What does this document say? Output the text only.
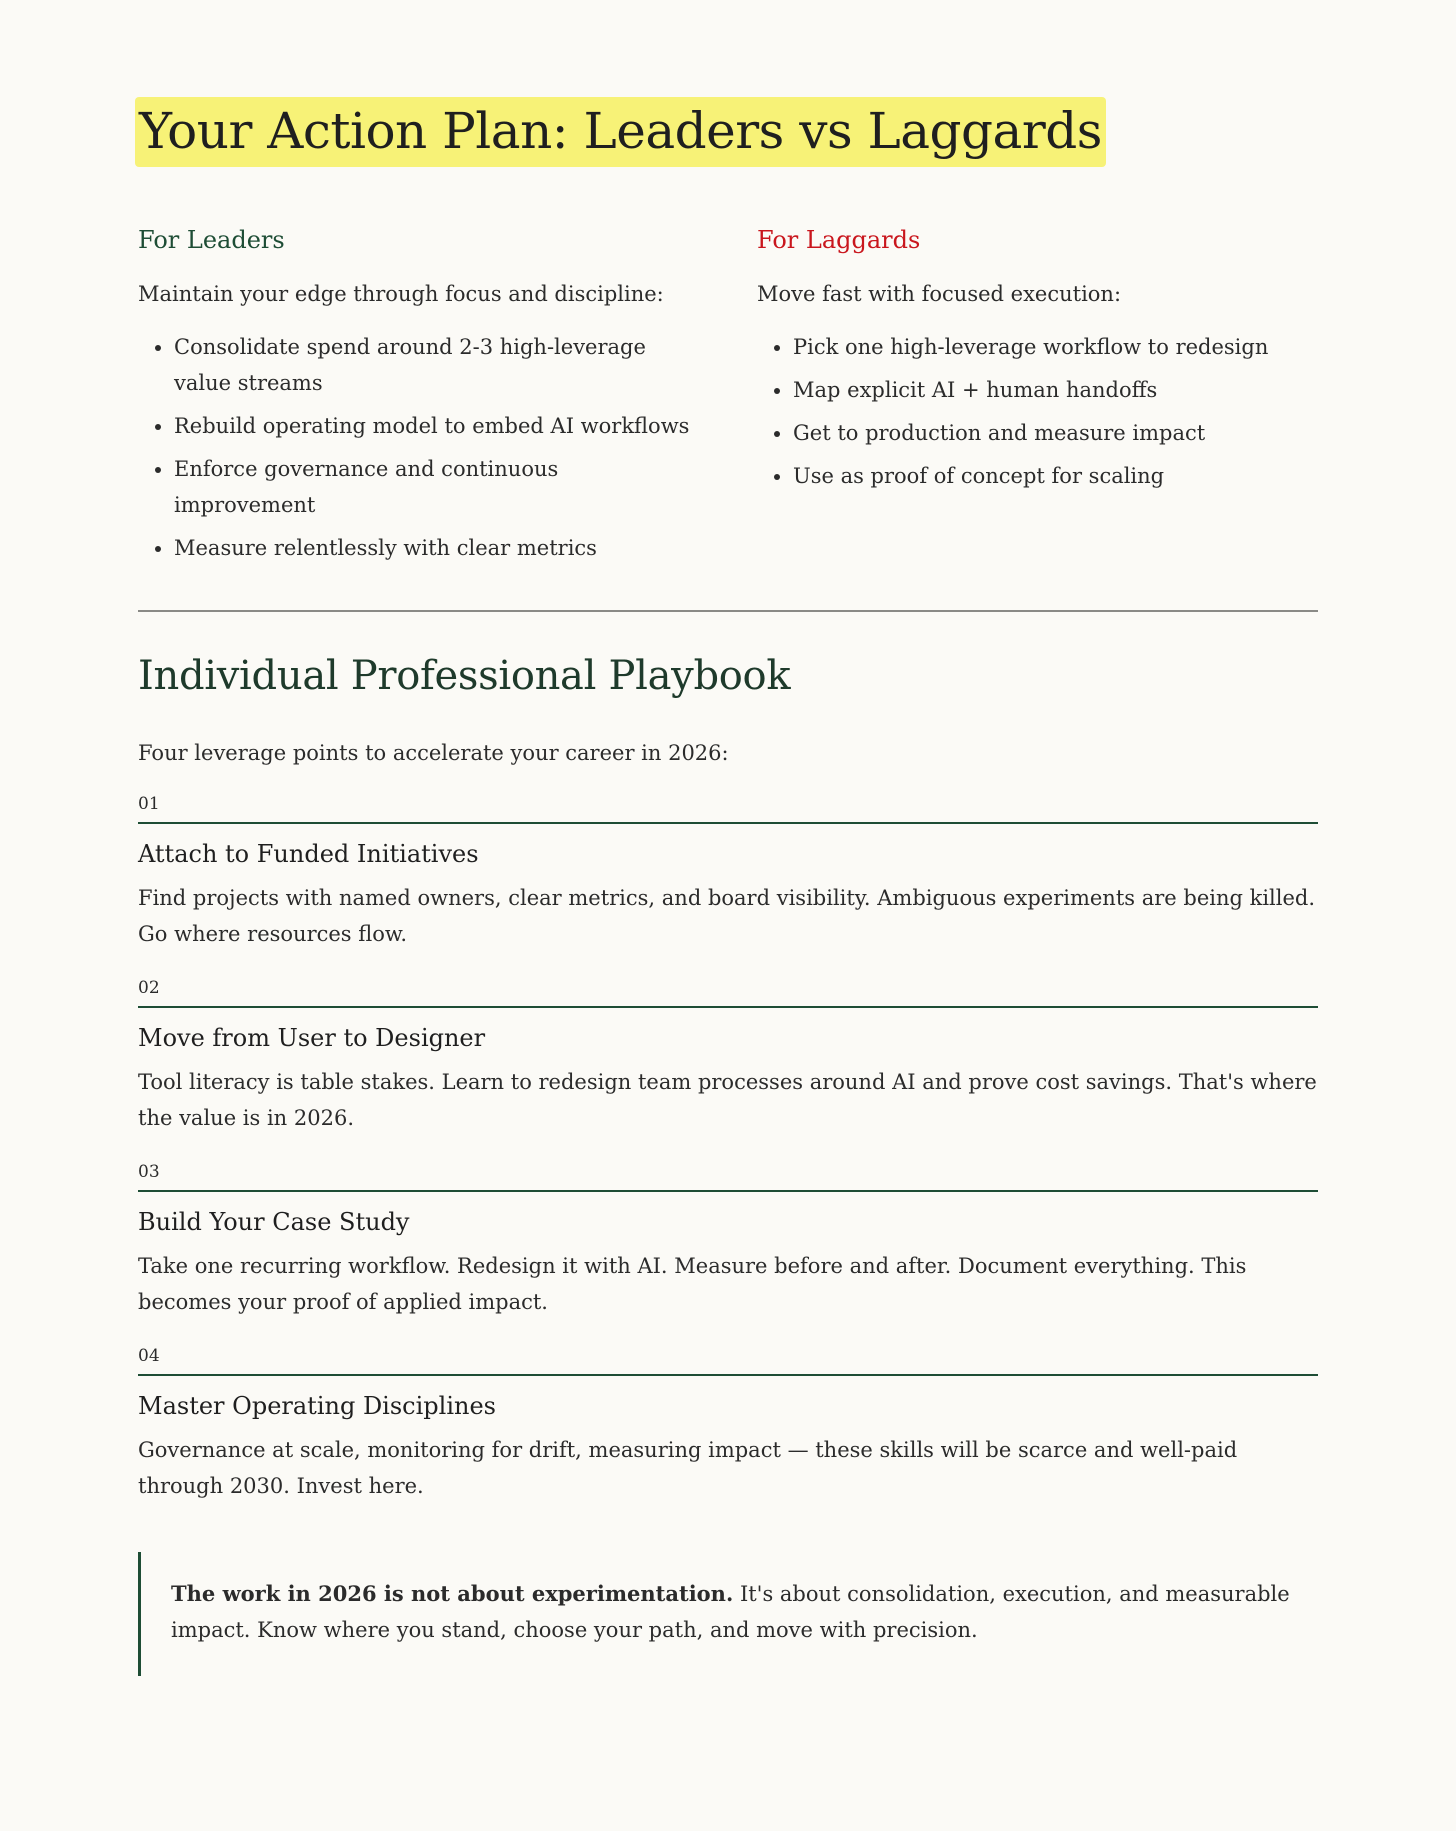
Your Action Plan: Leaders vs Laggards
For Leaders

Maintain your edge through focus and discipline:

• Consolidate spend around 2-3 high-leverage value streams
• Rebuild operating model to embed AI workflows
• Enforce governance and continuous improvement
• Measure relentlessly with clear metrics
For Laggards

Move fast with focused execution:

• Pick one high-leverage workflow to redesign
• Map explicit AI + human handoffs
• Get to production and measure impact
• Use as proof of concept for scaling
Individual Professional Playbook

Four leverage points to accelerate your career in 2026:

01
Attach to Funded Initiatives

Find projects with named owners, clear metrics, and board visibility. Ambiguous experiments are being killed. Go where resources flow.

02
Move from User to Designer

Tool literacy is table stakes. Learn to redesign team processes around AI and prove cost savings. That's where the value is in 2026.

03
Build Your Case Study

Take one recurring workflow. Redesign it with AI. Measure before and after. Document everything. This becomes your proof of applied impact.

04
Master Operating Disciplines

Governance at scale, monitoring for drift, measuring impact — these skills will be scarce and well-paid through 2030. Invest here.

The work in 2026 is not about experimentation. It's about consolidation, execution, and measurable impact. Know where you stand, choose your path, and move with precision.
